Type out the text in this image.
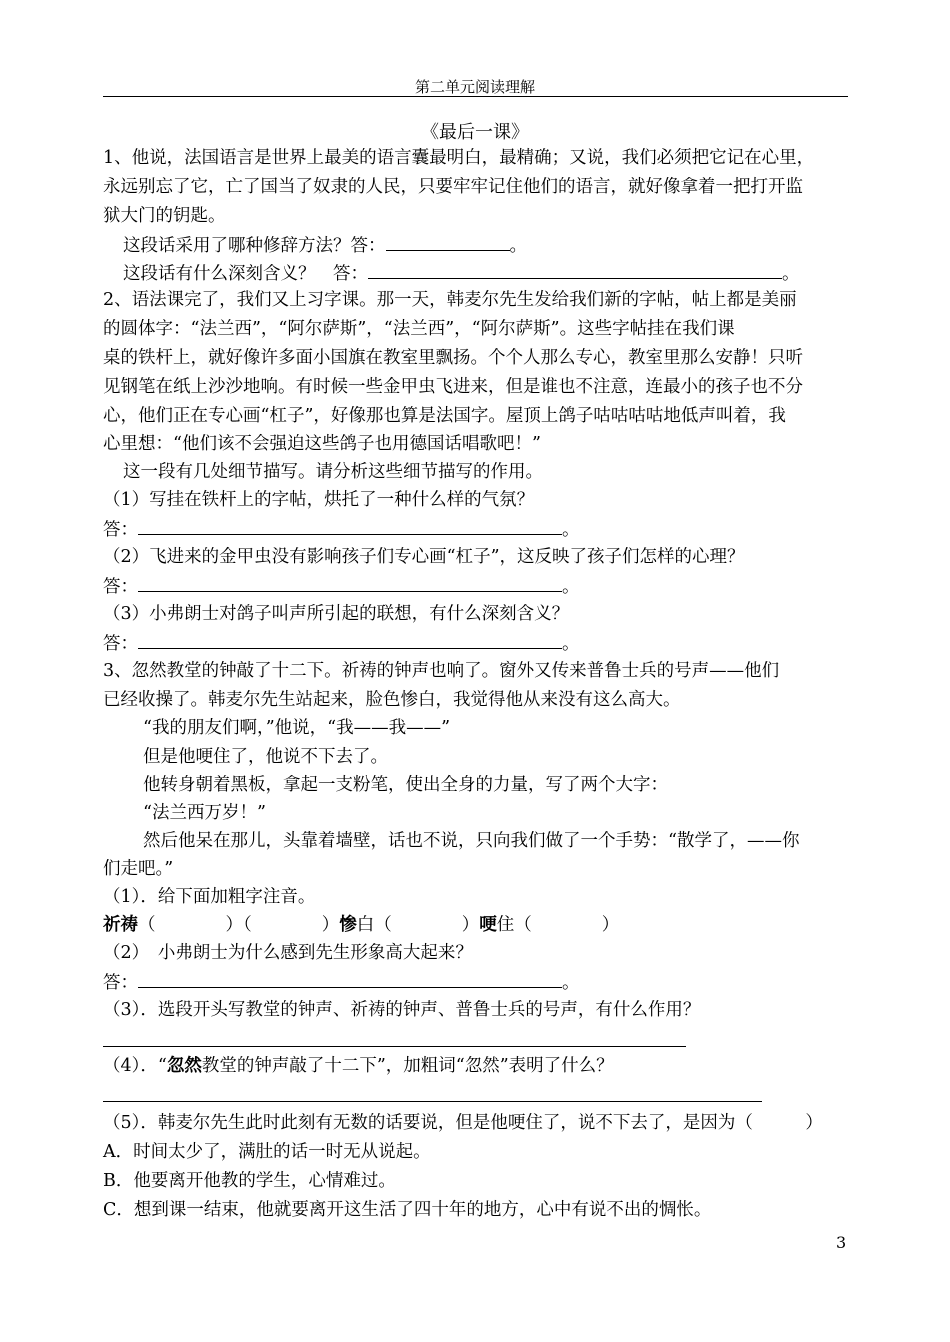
第二单元阅读理解
《最后一课》
1、他说，法国语言是世界上最美的语言囊最明白，最精确；又说，我们必须把它记在心里，
永远别忘了它，亡了国当了奴隶的人民，只要牢牢记住他们的语言，就好像拿着一把打开监
狱大门的钥匙。
这段话采用了哪种修辞方法？答：	。
这段话有什么深刻含义？　答：	。
2、语法课完了，我们又上习字课。那一天，韩麦尔先生发给我们新的字帖，帖上都是美丽
的圆体字：“法兰西”，“阿尔萨斯”，“法兰西”，“阿尔萨斯”。这些字帖挂在我们课
桌的铁杆上，就好像许多面小国旗在教室里飘扬。个个人那么专心，教室里那么安静！只听
见钢笔在纸上沙沙地响。有时候一些金甲虫飞进来，但是谁也不注意，连最小的孩子也不分
心，他们正在专心画“杠子”，好像那也算是法国字。屋顶上鸽子咕咕咕咕地低声叫着，我
心里想：“他们该不会强迫这些鸽子也用德国话唱歌吧！”
这一段有几处细节描写。请分析这些细节描写的作用。
（1）写挂在铁杆上的字帖，烘托了一种什么样的气氛？
答：	。
（2）飞进来的金甲虫没有影响孩子们专心画“杠子”，这反映了孩子们怎样的心理？
答：	。
（3）小弗朗士对鸽子叫声所引起的联想，有什么深刻含义？
答：	。
3、忽然教堂的钟敲了十二下。祈祷的钟声也响了。窗外又传来普鲁士兵的号声——他们
已经收操了。韩麦尔先生站起来，脸色惨白，我觉得他从来没有这么高大。
“我的朋友们啊，”他说，“我——我——”
但是他哽住了，他说不下去了。
他转身朝着黑板，拿起一支粉笔，使出全身的力量，写了两个大字：
“法兰西万岁！”
然后他呆在那儿，头靠着墙壁，话也不说，只向我们做了一个手势：“散学了，——你
们走吧。”
（1）．给下面加粗字注音。
祈祷（　　　　）（　　　　）惨白（　　　　）哽住（　　　　）
（2）　小弗朗士为什么感到先生形象高大起来？
答：	。
（3）．选段开头写教堂的钟声、祈祷的钟声、普鲁士兵的号声，有什么作用？
（4）．“忽然教堂的钟声敲了十二下”，加粗词“忽然”表明了什么？
（5）．韩麦尔先生此时此刻有无数的话要说，但是他哽住了，说不下去了，是因为（　　　）
A．时间太少了，满肚的话一时无从说起。
B．他要离开他教的学生，心情难过。
C．想到课一结束，他就要离开这生活了四十年的地方，心中有说不出的惆怅。
3
